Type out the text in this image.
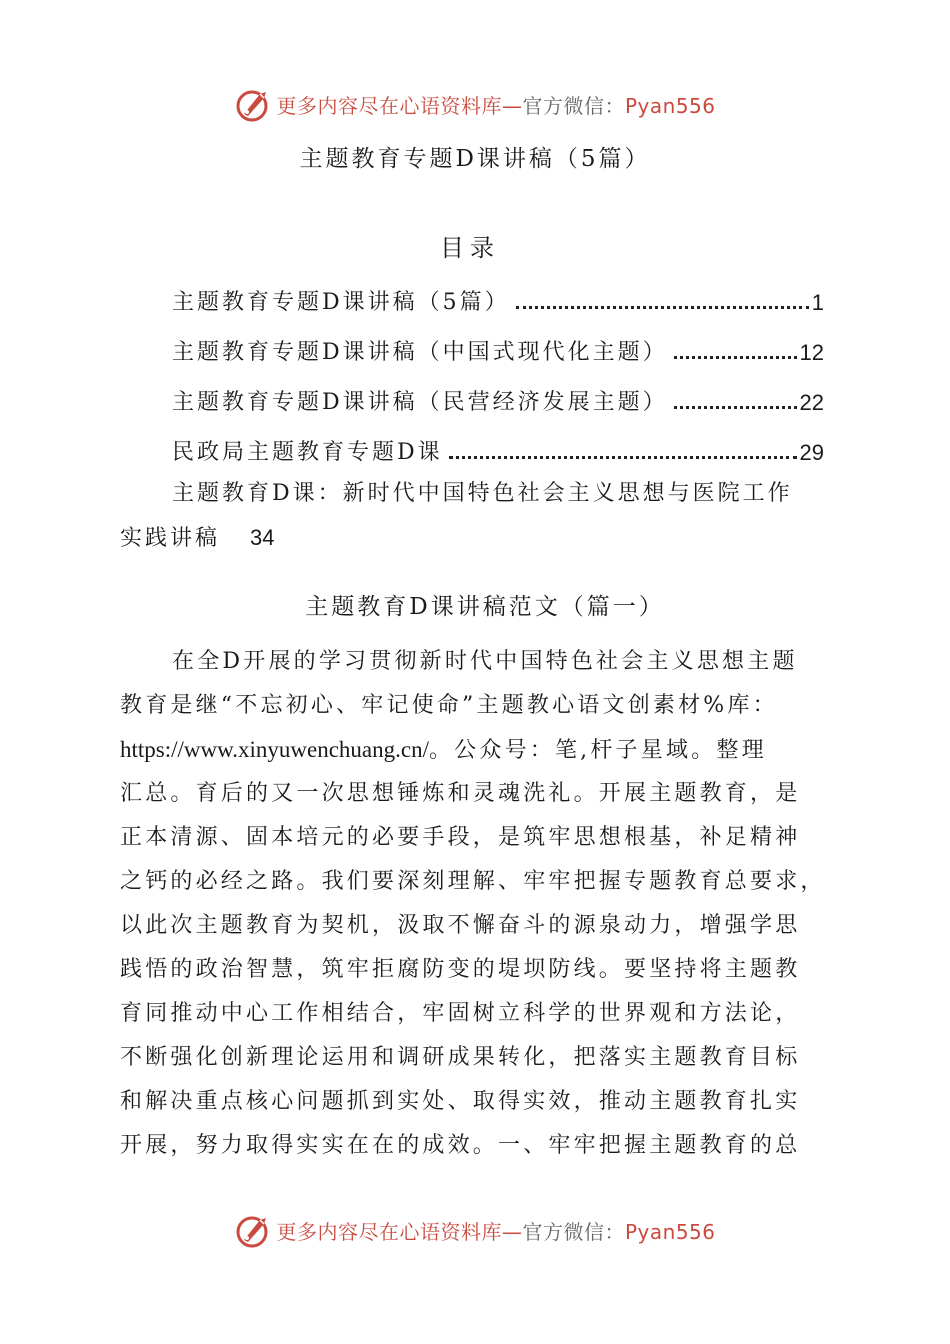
更多内容尽在心语资料库—官方微信：Pyan556
主题教育专题D课讲稿（5篇）
目录
主题教育专题D课讲稿（5篇）	1
主题教育专题D课讲稿（中国式现代化主题）	12
主题教育专题D课讲稿（民营经济发展主题）	22
民政局主题教育专题D课	29
主题教育D课：新时代中国特色社会主义思想与医院工作
实践讲稿 34
主题教育D课讲稿范文（篇一）
在全D开展的学习贯彻新时代中国特色社会主义思想主题
教育是继“不忘初心、牢记使命”主题教心语文创素材%库：
https://www.xinyuwenchuang.cn/。公众号：笔,杆子星域。整理
汇总。育后的又一次思想锤炼和灵魂洗礼。开展主题教育，是
正本清源、固本培元的必要手段，是筑牢思想根基，补足精神
之钙的必经之路。我们要深刻理解、牢牢把握专题教育总要求，
以此次主题教育为契机，汲取不懈奋斗的源泉动力，增强学思
践悟的政治智慧，筑牢拒腐防变的堤坝防线。要坚持将主题教
育同推动中心工作相结合，牢固树立科学的世界观和方法论，
不断强化创新理论运用和调研成果转化，把落实主题教育目标
和解决重点核心问题抓到实处、取得实效，推动主题教育扎实
开展，努力取得实实在在的成效。一、牢牢把握主题教育的总
更多内容尽在心语资料库—官方微信：Pyan556
